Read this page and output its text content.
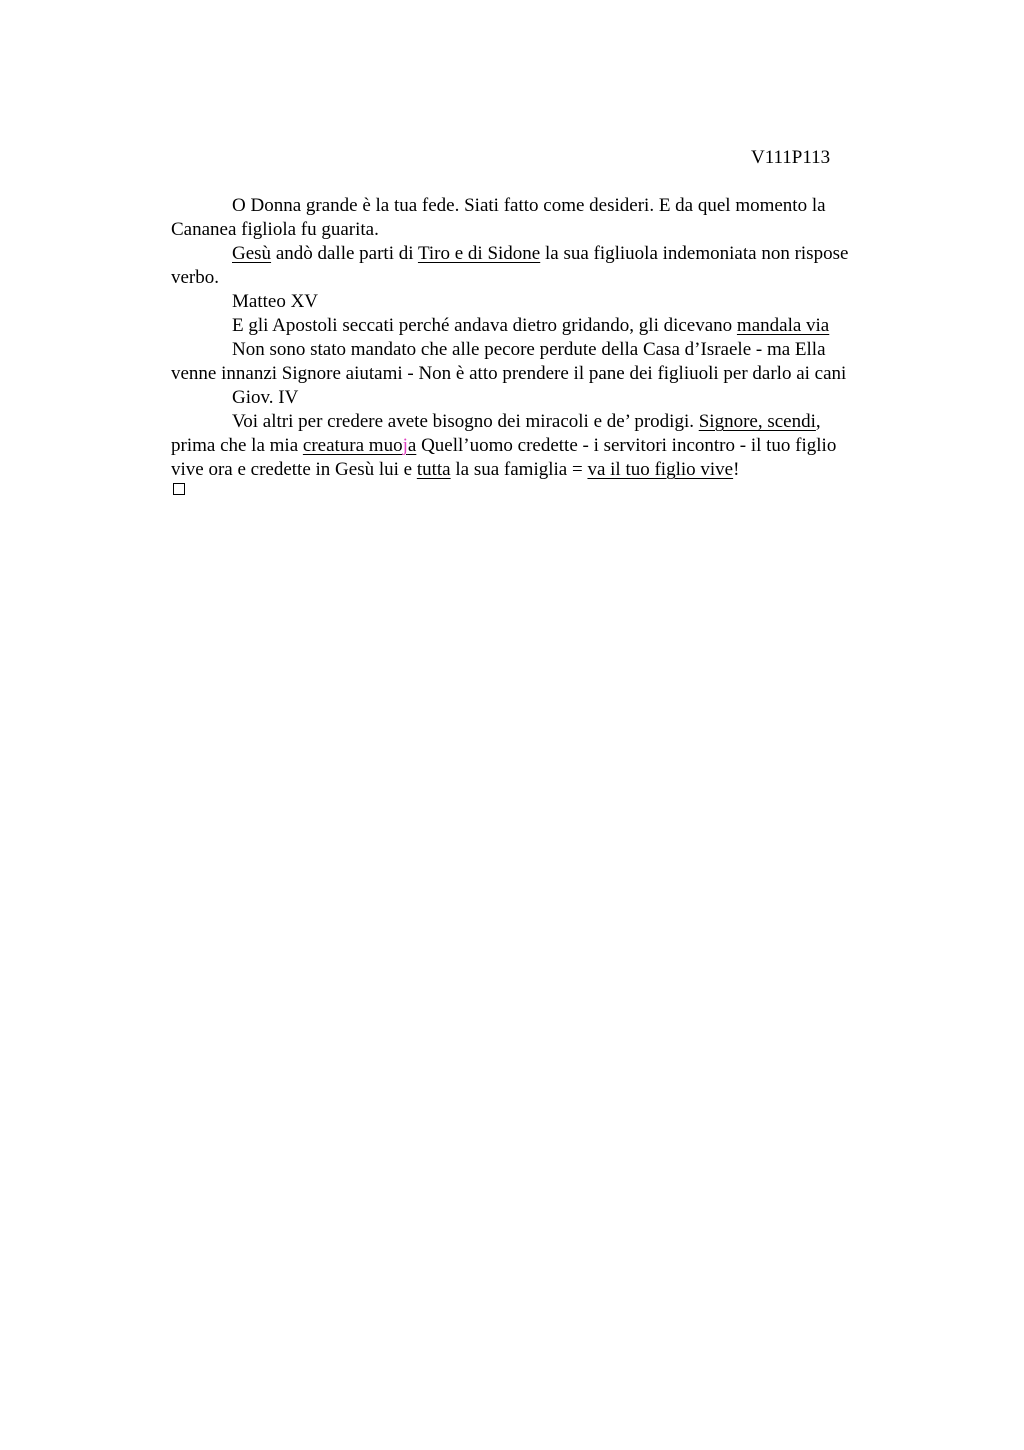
V111P113
O Donna grande è la tua fede. Siati fatto come desideri. E da quel momento la
Cananea figliola fu guarita.
Gesù andò dalle parti di Tiro e di Sidone la sua figliuola indemoniata non rispose
verbo.
Matteo XV
E gli Apostoli seccati perché andava dietro gridando, gli dicevano mandala via
Non sono stato mandato che alle pecore perdute della Casa d’Israele - ma Ella
venne innanzi Signore aiutami - Non è atto prendere il pane dei figliuoli per darlo ai cani
Giov. IV
Voi altri per credere avete bisogno dei miracoli e de’ prodigi. Signore, scendi,
prima che la mia creatura muoja Quell’uomo credette - i servitori incontro - il tuo figlio
vive ora e credette in Gesù lui e tutta la sua famiglia = va il tuo figlio vive!
